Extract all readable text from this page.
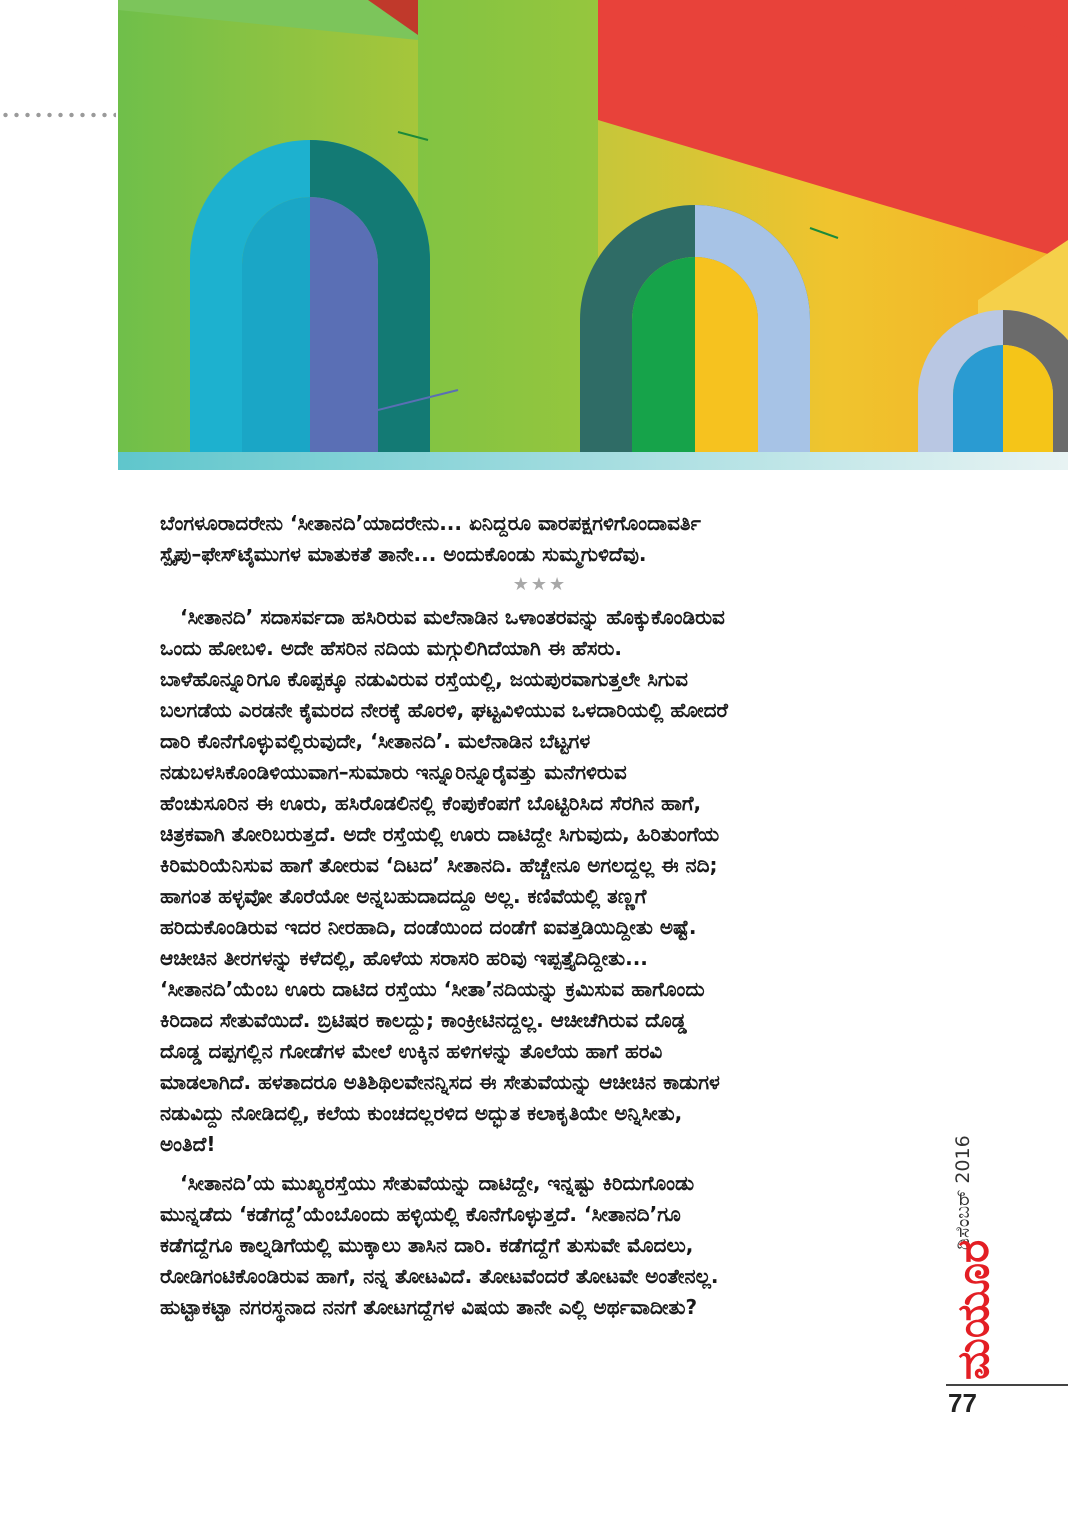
ಬೆಂಗಳೂರಾದರೇನು ‘ಸೀತಾನದಿ’ಯಾದರೇನು... ಏನಿದ್ದರೂ ವಾರಪಕ್ಷಗಳಿಗೊಂದಾವರ್ತಿ
ಸ್ಪೈಪು–ಫೇಸ್‌ಟೈಮುಗಳ ಮಾತುಕತೆ ತಾನೇ... ಅಂದುಕೊಂಡು ಸುಮ್ಮಗುಳಿದೆವು.

★★★

‘ಸೀತಾನದಿ’ ಸದಾಸರ್ವದಾ ಹಸಿರಿರುವ ಮಲೆನಾಡಿನ ಒಳಾಂತರವನ್ನು ಹೊಕ್ಕುಕೊಂಡಿರುವ
ಒಂದು ಹೋಬಳಿ. ಅದೇ ಹೆಸರಿನ ನದಿಯ ಮಗ್ಗುಲಿಗಿದೆಯಾಗಿ ಈ ಹೆಸರು.
ಬಾಳೆಹೊನ್ನೂರಿಗೂ ಕೊಪ್ಪಕ್ಕೂ ನಡುವಿರುವ ರಸ್ತೆಯಲ್ಲಿ, ಜಯಪುರವಾಗುತ್ತಲೇ ಸಿಗುವ
ಬಲಗಡೆಯ ಎರಡನೇ ಕೈಮರದ ನೇರಕ್ಕೆ ಹೊರಳಿ, ಘಟ್ಟವಿಳಿಯುವ ಒಳದಾರಿಯಲ್ಲಿ ಹೋದರೆ
ದಾರಿ ಕೊನೆಗೊಳ್ಳುವಲ್ಲಿರುವುದೇ, ‘ಸೀತಾನದಿ’. ಮಲೆನಾಡಿನ ಬೆಟ್ಟಗಳ
ನಡುಬಳಸಿಕೊಂಡಿಳಿಯುವಾಗ–ಸುಮಾರು ಇನ್ನೂರಿನ್ನೂರೈವತ್ತು ಮನೆಗಳಿರುವ
ಹೆಂಚುಸೂರಿನ ಈ ಊರು, ಹಸಿರೊಡಲಿನಲ್ಲಿ ಕೆಂಪುಕೆಂಪಗೆ ಬೊಟ್ಟಿರಿಸಿದ ಸೆರಗಿನ ಹಾಗೆ,
ಚಿತ್ರಕವಾಗಿ ತೋರಿಬರುತ್ತದೆ. ಅದೇ ರಸ್ತೆಯಲ್ಲಿ ಊರು ದಾಟಿದ್ದೇ ಸಿಗುವುದು, ಹಿರಿತುಂಗೆಯ
ಕಿರಿಮರಿಯೆನಿಸುವ ಹಾಗೆ ತೋರುವ ‘ದಿಟದ’ ಸೀತಾನದಿ. ಹೆಚ್ಚೇನೂ ಅಗಲದ್ದಲ್ಲ ಈ ನದಿ;
ಹಾಗಂತ ಹಳ್ಳವೋ ತೊರೆಯೋ ಅನ್ನಬಹುದಾದದ್ದೂ ಅಲ್ಲ. ಕಣಿವೆಯಲ್ಲಿ ತಣ್ಣಗೆ
ಹರಿದುಕೊಂಡಿರುವ ಇದರ ನೀರಹಾದಿ, ದಂಡೆಯಿಂದ ದಂಡೆಗೆ ಐವತ್ತಡಿಯಿದ್ದೀತು ಅಷ್ಟೆ.
ಆಚೀಚಿನ ತೀರಗಳನ್ನು ಕಳೆದಲ್ಲಿ, ಹೊಳೆಯ ಸರಾಸರಿ ಹರಿವು ಇಪ್ಪತ್ತೈದಿದ್ದೀತು...
‘ಸೀತಾನದಿ’ಯೆಂಬ ಊರು ದಾಟಿದ ರಸ್ತೆಯು ‘ಸೀತಾ’ನದಿಯನ್ನು ಕ್ರಮಿಸುವ ಹಾಗೊಂದು
ಕಿರಿದಾದ ಸೇತುವೆಯಿದೆ. ಬ್ರಿಟಿಷರ ಕಾಲದ್ದು; ಕಾಂಕ್ರೀಟಿನದ್ದಲ್ಲ. ಆಚೀಚೆಗಿರುವ ದೊಡ್ಡ
ದೊಡ್ಡ ದಪ್ಪಗಲ್ಲಿನ ಗೋಡೆಗಳ ಮೇಲೆ ಉಕ್ಕಿನ ಹಳಿಗಳನ್ನು ತೊಲೆಯ ಹಾಗೆ ಹರವಿ
ಮಾಡಲಾಗಿದೆ. ಹಳತಾದರೂ ಅತಿಶಿಥಿಲವೇನನ್ನಿಸದ ಈ ಸೇತುವೆಯನ್ನು ಆಚೀಚಿನ ಕಾಡುಗಳ
ನಡುವಿದ್ದು ನೋಡಿದಲ್ಲಿ, ಕಲೆಯ ಕುಂಚದಲ್ಲರಳಿದ ಅದ್ಭುತ ಕಲಾಕೃತಿಯೇ ಅನ್ನಿಸೀತು,
ಅಂತಿದೆ!

‘ಸೀತಾನದಿ’ಯ ಮುಖ್ಯರಸ್ತೆಯು ಸೇತುವೆಯನ್ನು ದಾಟಿದ್ದೇ, ಇನ್ನಷ್ಟು ಕಿರಿದುಗೊಂಡು
ಮುನ್ನಡೆದು ‘ಕಡೆಗದ್ದೆ’ಯೆಂಬೊಂದು ಹಳ್ಳಿಯಲ್ಲಿ ಕೊನೆಗೊಳ್ಳುತ್ತದೆ. ‘ಸೀತಾನದಿ’ಗೂ
ಕಡೆಗದ್ದೆಗೂ ಕಾಲ್ನಡಿಗೆಯಲ್ಲಿ ಮುಕ್ಕಾಲು ತಾಸಿನ ದಾರಿ. ಕಡೆಗದ್ದೆಗೆ ತುಸುವೇ ಮೊದಲು,
ರೋಡಿಗಂಟಿಕೊಂಡಿರುವ ಹಾಗೆ, ನನ್ನ ತೋಟವಿದೆ. ತೋಟವೆಂದರೆ ತೋಟವೇ ಅಂತೇನಲ್ಲ.
ಹುಟ್ಟಾಕಟ್ಟಾ ನಗರಸ್ಥನಾದ ನನಗೆ ತೋಟಗದ್ದೆಗಳ ವಿಷಯ ತಾನೇ ಎಲ್ಲಿ ಅರ್ಥವಾದೀತು?

ಡಿಸೆಂಬರ್ 2016
ಮಯೂರ
77
